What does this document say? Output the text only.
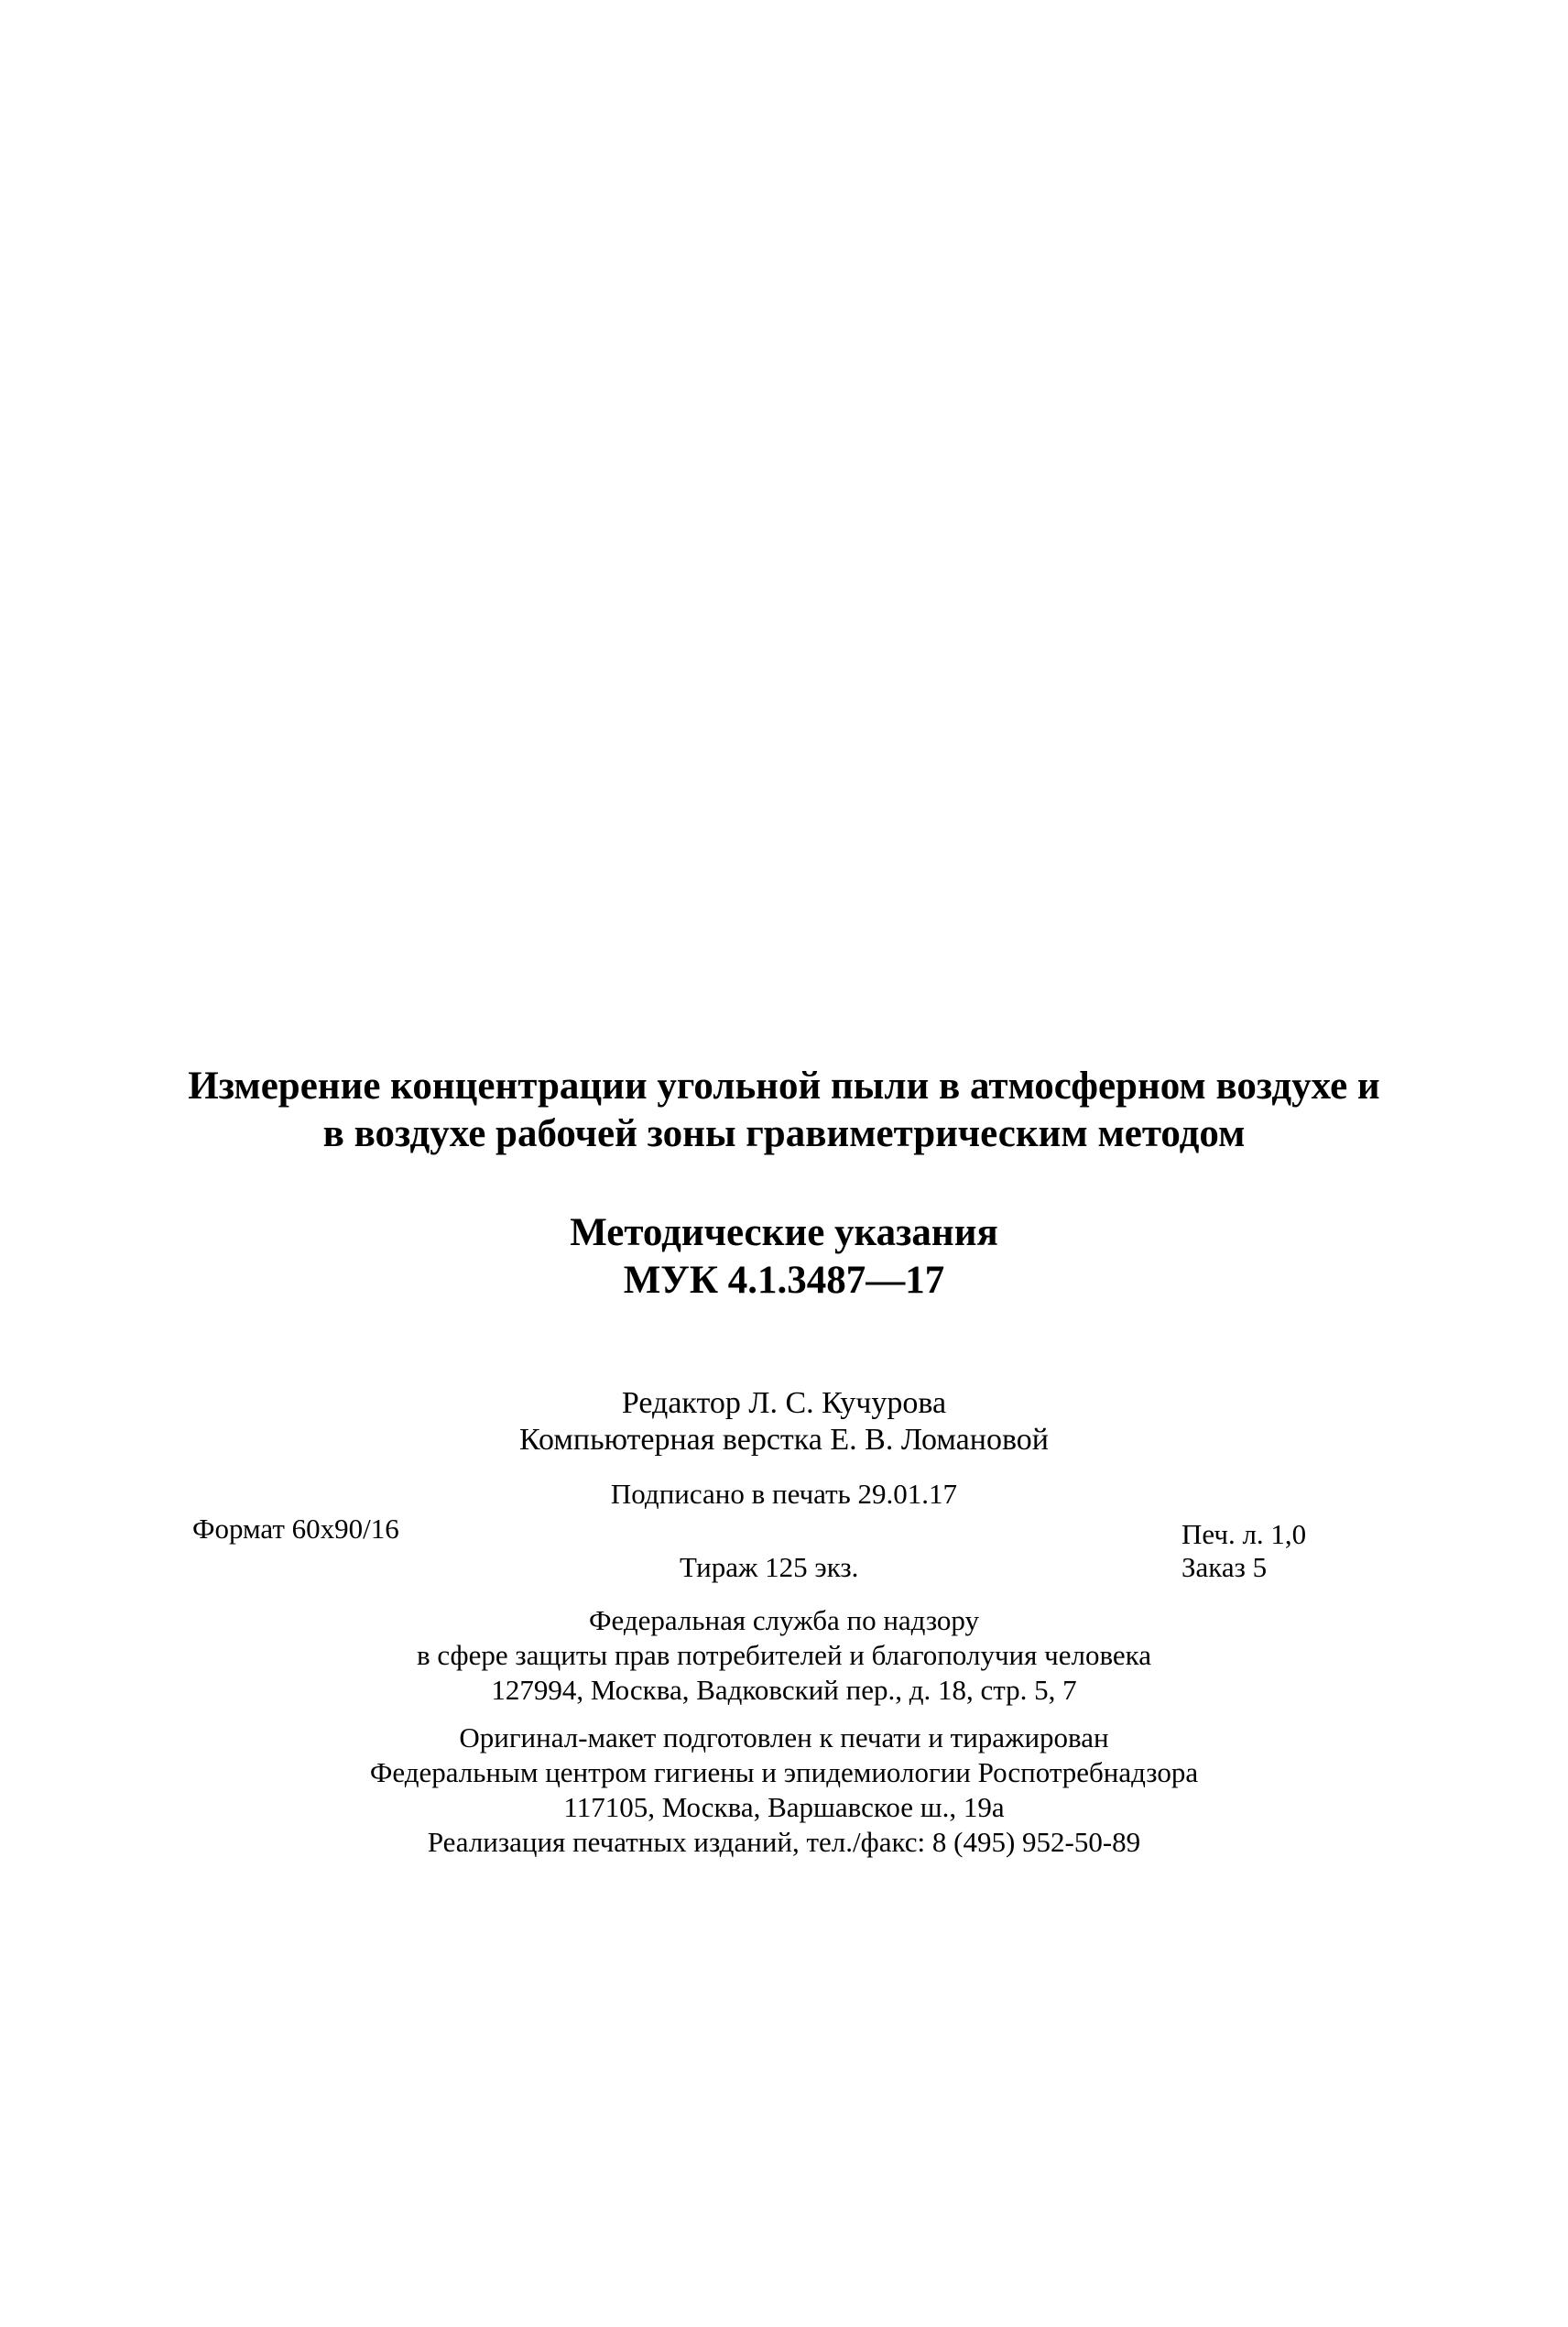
Измерение концентрации угольной пыли в атмосферном воздухе и
в воздухе рабочей зоны гравиметрическим методом
Методические указания
МУК 4.1.3487—17
Редактор Л. С. Кучурова
Компьютерная верстка Е. В. Ломановой
Подписано в печать 29.01.17
Формат 60x90/16	Печ. л. 1,0
Тираж 125 экз.	Заказ 5
Федеральная служба по надзору
в сфере защиты прав потребителей и благополучия человека
127994, Москва, Вадковский пер., д. 18, стр. 5, 7
Оригинал-макет подготовлен к печати и тиражирован
Федеральным центром гигиены и эпидемиологии Роспотребнадзора
117105, Москва, Варшавское ш., 19а
Реализация печатных изданий, тел./факс: 8 (495) 952-50-89
